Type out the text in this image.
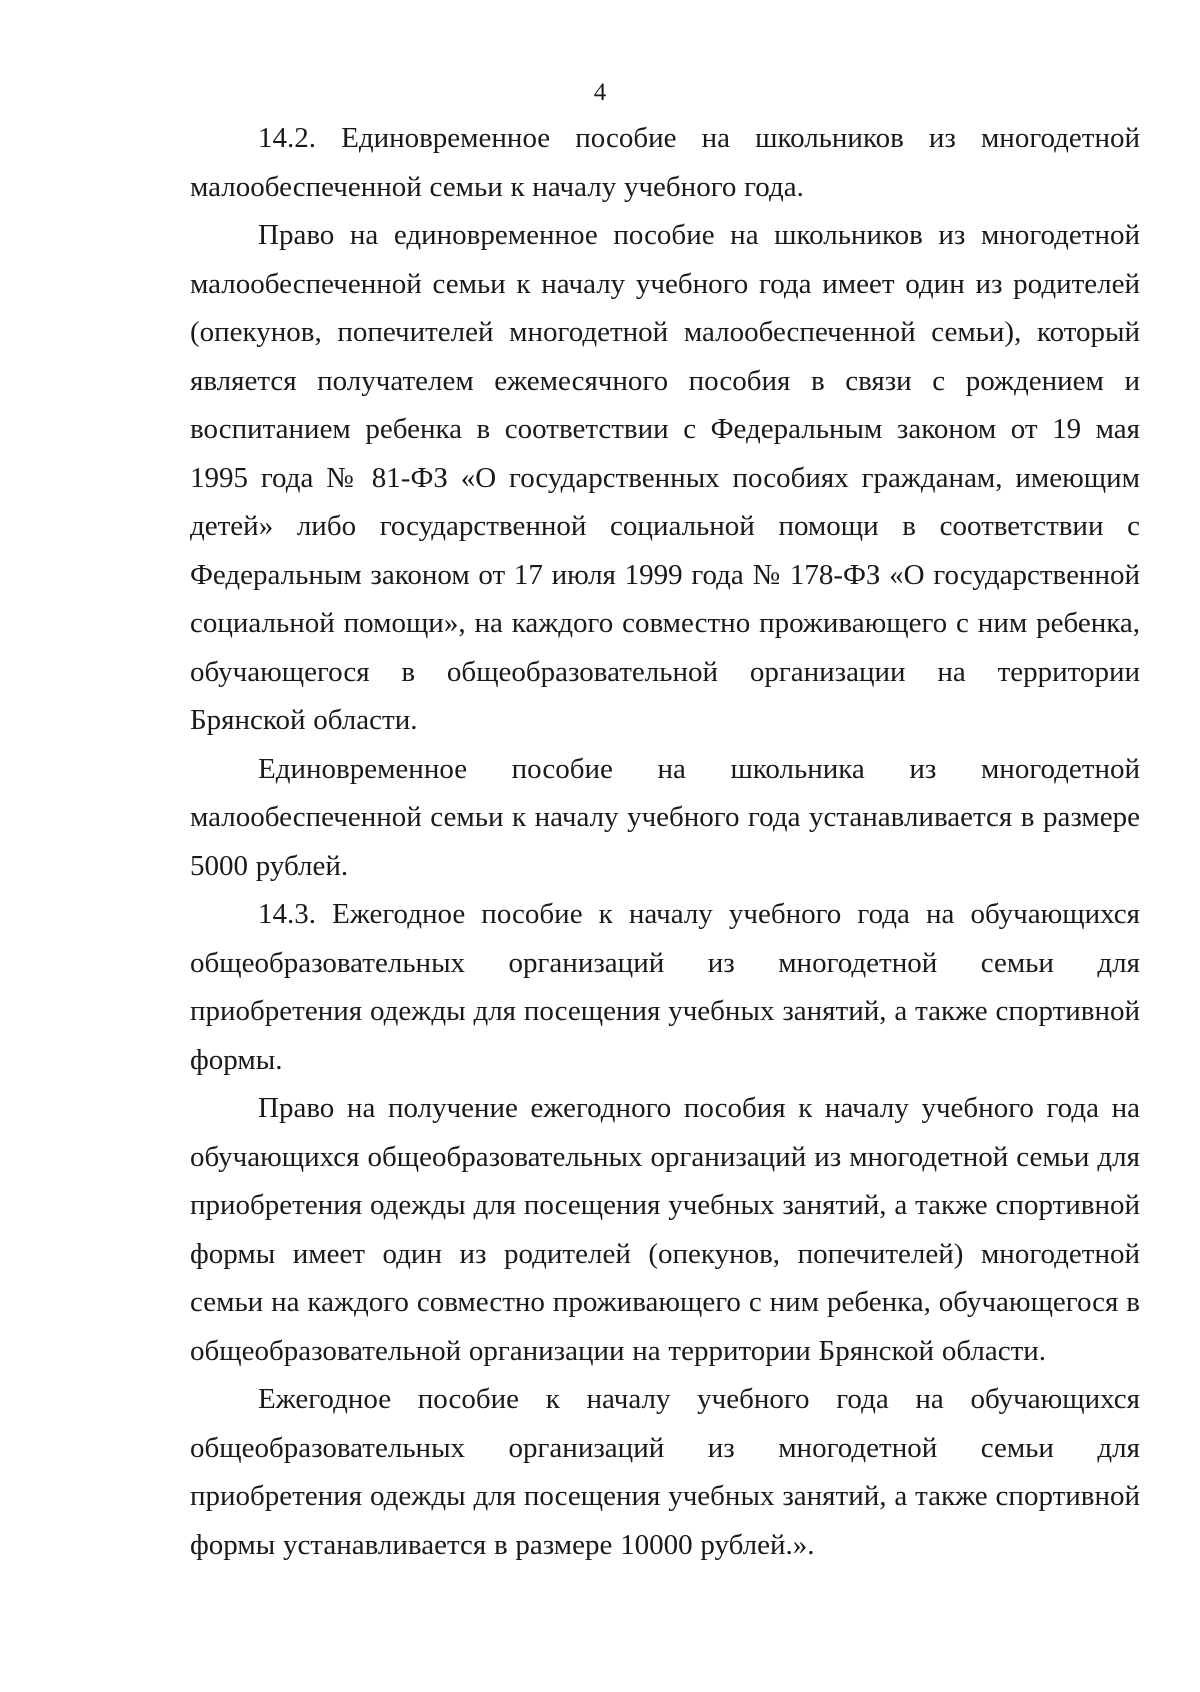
4

14.2. Единовременное пособие на школьников из многодетной малообеспеченной семьи к началу учебного года.

Право на единовременное пособие на школьников из многодетной малообеспеченной семьи к началу учебного года имеет один из родителей (опекунов, попечителей многодетной малообеспеченной семьи), который является получателем ежемесячного пособия в связи с рождением и воспитанием ребенка в соответствии с Федеральным законом от 19 мая 1995 года № 81-ФЗ «О государственных пособиях гражданам, имеющим детей» либо государственной социальной помощи в соответствии с Федеральным законом от 17 июля 1999 года № 178-ФЗ «О государственной социальной помощи», на каждого совместно проживающего с ним ребенка, обучающегося в общеобразовательной организации на территории Брянской области.

Единовременное пособие на школьника из многодетной малообеспеченной семьи к началу учебного года устанавливается в размере 5000 рублей.

14.3. Ежегодное пособие к началу учебного года на обучающихся общеобразовательных организаций из многодетной семьи для приобретения одежды для посещения учебных занятий, а также спортивной формы.

Право на получение ежегодного пособия к началу учебного года на обучающихся общеобразовательных организаций из многодетной семьи для приобретения одежды для посещения учебных занятий, а также спортивной формы имеет один из родителей (опекунов, попечителей) многодетной семьи на каждого совместно проживающего с ним ребенка, обучающегося в общеобразовательной организации на территории Брянской области.

Ежегодное пособие к началу учебного года на обучающихся общеобразовательных организаций из многодетной семьи для приобретения одежды для посещения учебных занятий, а также спортивной формы устанавливается в размере 10000 рублей.».
